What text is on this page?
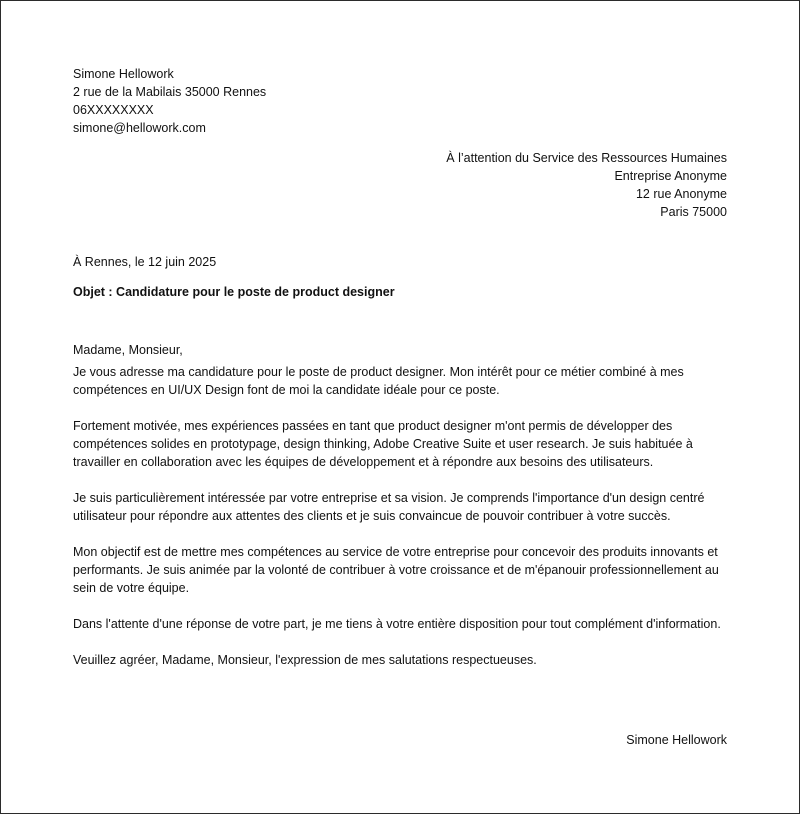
Simone Hellowork
2 rue de la Mabilais 35000 Rennes
06XXXXXXXX
simone@hellowork.com
À l’attention du Service des Ressources Humaines
Entreprise Anonyme
12 rue Anonyme
Paris 75000
À Rennes, le 12 juin 2025
Objet : Candidature pour le poste de product designer

Madame, Monsieur,

Je vous adresse ma candidature pour le poste de product designer. Mon intérêt pour ce métier combiné à mes compétences en UI/UX Design font de moi la candidate idéale pour ce poste.

Fortement motivée, mes expériences passées en tant que product designer m'ont permis de développer des compétences solides en prototypage, design thinking, Adobe Creative Suite et user research. Je suis habituée à travailler en collaboration avec les équipes de développement et à répondre aux besoins des utilisateurs.

Je suis particulièrement intéressée par votre entreprise et sa vision. Je comprends l'importance d'un design centré utilisateur pour répondre aux attentes des clients et je suis convaincue de pouvoir contribuer à votre succès.

Mon objectif est de mettre mes compétences au service de votre entreprise pour concevoir des produits innovants et performants. Je suis animée par la volonté de contribuer à votre croissance et de m'épanouir professionnellement au sein de votre équipe.

Dans l'attente d'une réponse de votre part, je me tiens à votre entière disposition pour tout complément d'information.

Veuillez agréer, Madame, Monsieur, l'expression de mes salutations respectueuses.

Simone Hellowork
